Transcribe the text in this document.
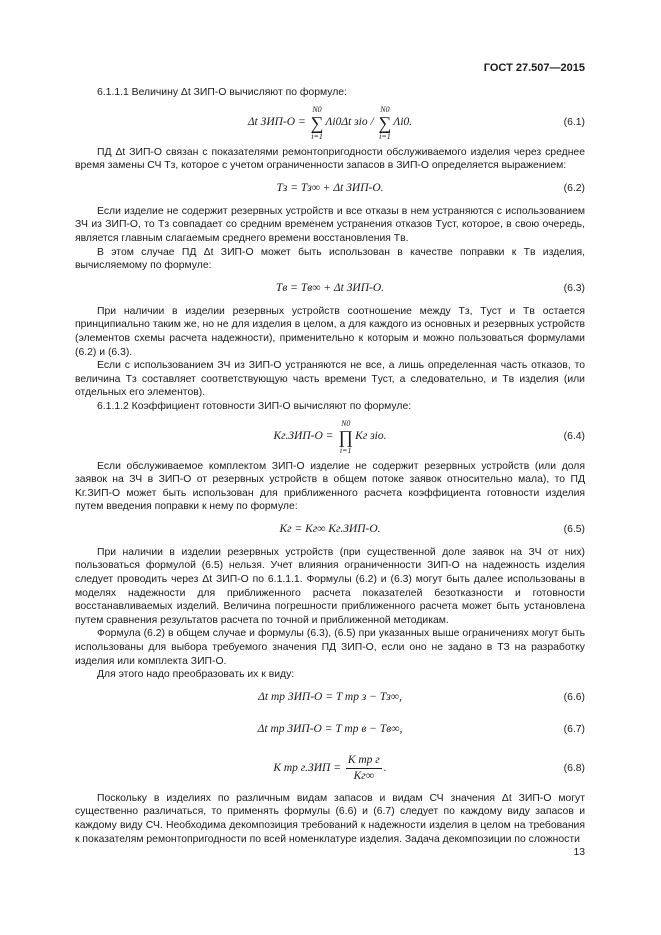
ГОСТ 27.507—2015

6.1.1.1 Величину Δt ЗИП-О вычисляют по формуле:

Δt ЗИП-О =
N0
∑
i=1
Λi0Δt зio
/

N0
∑
i=1
Λi0.	(6.1)

ПД Δt ЗИП-О связан с показателями ремонтопригодности обслуживаемого изделия через среднее время замены СЧ Tз, которое с учетом ограниченности запасов в ЗИП-О определяется выражением:

Tз = Tз∞ + Δt ЗИП-О.	(6.2)

Если изделие не содержит резервных устройств и все отказы в нем устраняются с использованием ЗЧ из ЗИП-О, то Tз совпадает со средним временем устранения отказов Tуст, которое, в свою очередь, является главным слагаемым среднего времени восстановления Tв.

В этом случае ПД Δt ЗИП-О может быть использован в качестве поправки к Tв изделия, вычисляемому по формуле:

Tв = Tв∞ + Δt ЗИП-О.	(6.3)

При наличии в изделии резервных устройств соотношение между Tз, Tуст и Tв остается принципиально таким же, но не для изделия в целом, а для каждого из основных и резервных устройств (элементов схемы расчета надежности), применительно к которым и можно пользоваться формулами (6.2) и (6.3).

Если с использованием ЗЧ из ЗИП-О устраняются не все, а лишь определенная часть отказов, то величина Tз составляет соответствующую часть времени Tуст, а следовательно, и Tв изделия (или отдельных его элементов).

6.1.1.2 Коэффициент готовности ЗИП-О вычисляют по формуле:

Kг.ЗИП-О =

N0
∏
i=1
Kг зio.	(6.4)

Если обслуживаемое комплектом ЗИП-О изделие не содержит резервных устройств (или доля заявок на ЗЧ в ЗИП-О от резервных устройств в общем потоке заявок относительно мала), то ПД Kг.ЗИП-О может быть использован для приближенного расчета коэффициента готовности изделия путем введения поправки к нему по формуле:

Kг = Kг∞ Kг.ЗИП-О.	(6.5)

При наличии в изделии резервных устройств (при существенной доле заявок на ЗЧ от них) пользоваться формулой (6.5) нельзя. Учет влияния ограниченности ЗИП-О на надежность изделия следует проводить через Δt ЗИП-О по 6.1.1.1. Формулы (6.2) и (6.3) могут быть далее использованы в моделях надежности для приближенного расчета показателей безотказности и готовности восстанавливаемых изделий. Величина погрешности приближенного расчета может быть установлена путем сравнения результатов расчета по точной и приближенной методикам.

Формула (6.2) в общем случае и формулы (6.3), (6.5) при указанных выше ограничениях могут быть использованы для выбора требуемого значения ПД ЗИП-О, если оно не задано в ТЗ на разработку изделия или комплекта ЗИП-О.

Для этого надо преобразовать их к виду:

Δt тр ЗИП-О = T тр з − Tз∞,	(6.6)
Δt тр ЗИП-О = T тр в − Tв∞,	(6.7)
K тр г.ЗИП =
$\frac{\text{K тр г}}{Kг\infty}$ .	(6.8)

Поскольку в изделиях по различным видам запасов и видам СЧ значения Δt ЗИП-О могут существенно различаться, то применять формулы (6.6) и (6.7) следует по каждому виду запасов и каждому виду СЧ. Необходима декомпозиция требований к надежности изделия в целом на требования к показателям ремонтопригодности по всей номенклатуре изделия. Задача декомпозиции по сложности

13
